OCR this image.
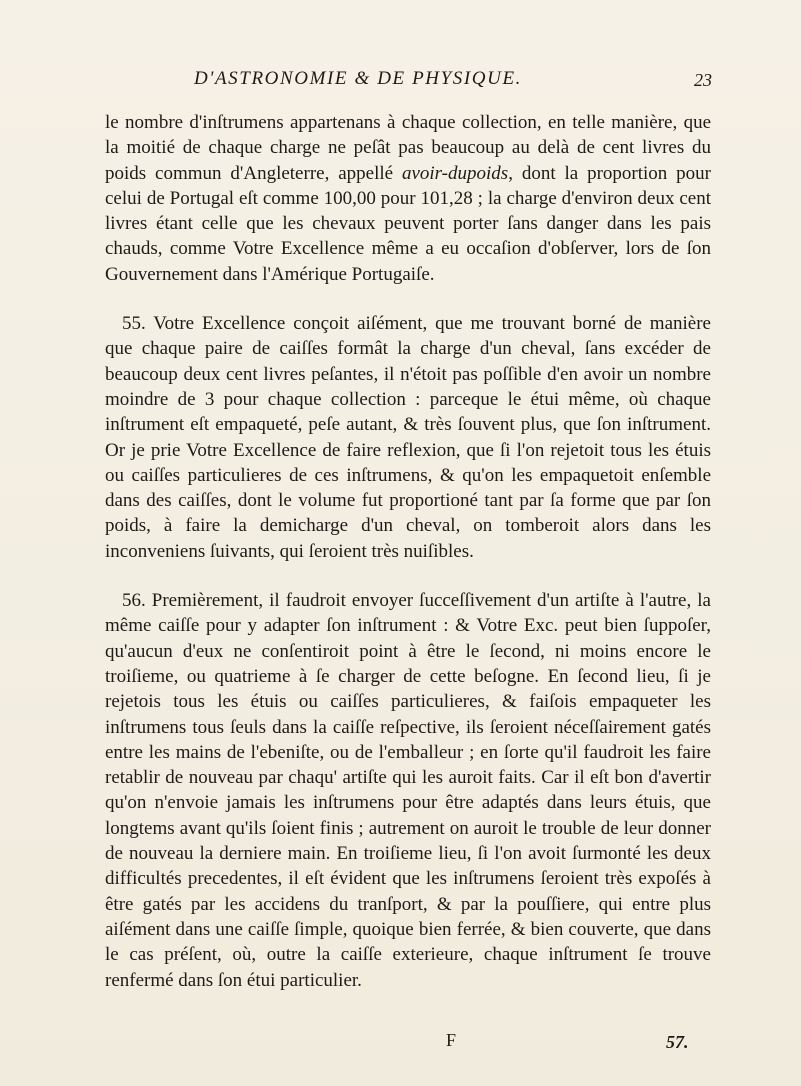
D'ASTRONOMIE & DE PHYSIQUE.	23

le nombre d'inſtrumens appartenans à chaque collection, en telle manière, que la moitié de chaque charge ne peſât pas beaucoup au delà de cent livres du poids commun d'Angleterre, appellé avoir-dupoids, dont la proportion pour celui de Portugal eſt comme 100,00 pour 101,28 ; la charge d'environ deux cent livres étant celle que les chevaux peuvent porter ſans danger dans les pais chauds, comme Votre Excellence même a eu occaſion d'obſerver, lors de ſon Gouvernement dans l'Amérique Portugaiſe.

55. Votre Excellence conçoit aiſément, que me trouvant borné de manière que chaque paire de caiſſes formât la charge d'un cheval, ſans excéder de beaucoup deux cent livres peſantes, il n'étoit pas poſſible d'en avoir un nombre moindre de 3 pour chaque collection : parceque le étui même, où chaque inſtrument eſt empaqueté, peſe autant, & très ſouvent plus, que ſon inſtrument. Or je prie Votre Excellence de faire reflexion, que ſi l'on rejetoit tous les étuis ou caiſſes particulieres de ces inſtrumens, & qu'on les empaquetoit enſemble dans des caiſſes, dont le volume fut proportioné tant par ſa forme que par ſon poids, à faire la demicharge d'un cheval, on tomberoit alors dans les inconveniens ſuivants, qui ſeroient très nuiſibles.

56. Premièrement, il faudroit envoyer ſucceſſivement d'un artiſte à l'autre, la même caiſſe pour y adapter ſon inſtrument : & Votre Exc. peut bien ſuppoſer, qu'aucun d'eux ne conſentiroit point à être le ſecond, ni moins encore le troiſieme, ou quatrieme à ſe charger de cette beſogne. En ſecond lieu, ſi je rejetois tous les étuis ou caiſſes particulieres, & faiſois empaqueter les inſtrumens tous ſeuls dans la caiſſe reſpective, ils ſeroient néceſſairement gatés entre les mains de l'ebeniſte, ou de l'emballeur ; en ſorte qu'il faudroit les faire retablir de nouveau par chaqu' artiſte qui les auroit faits. Car il eſt bon d'avertir qu'on n'envoie jamais les inſtrumens pour être adaptés dans leurs étuis, que longtems avant qu'ils ſoient finis ; autrement on auroit le trouble de leur donner de nouveau la derniere main. En troiſieme lieu, ſi l'on avoit ſurmonté les deux difficultés precedentes, il eſt évident que les inſtrumens ſeroient très expoſés à être gatés par les accidens du tranſport, & par la pouſſiere, qui entre plus aiſément dans une caiſſe ſimple, quoique bien ferrée, & bien couverte, que dans le cas préſent, où, outre la caiſſe exterieure, chaque inſtrument ſe trouve renfermé dans ſon étui particulier.

F	57.
